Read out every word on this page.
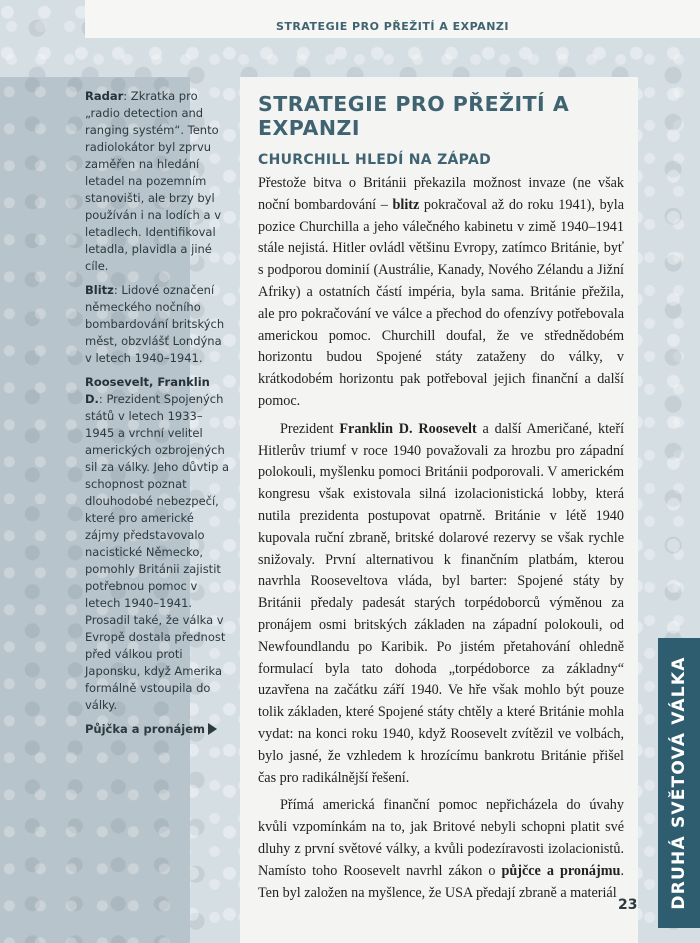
STRATEGIE PRO PŘEŽITÍ A EXPANZI

Radar: Zkratka pro „radio detection and ranging systém“. Tento radiolokátor byl zprvu zaměřen na hledání letadel na pozemním stanovišti, ale brzy byl používán i na lodích a v letadlech. Identifikoval letadla, plavidla a jiné cíle.

Blitz: Lidové označení německého nočního bombardování britských měst, obzvlášť Londýna v letech 1940–1941.

Roosevelt, Franklin D.: Prezident Spojených států v letech 1933–1945 a vrchní velitel amerických ozbrojených sil za války. Jeho důvtip a schopnost poznat dlouhodobé nebezpečí, které pro americké zájmy představovalo nacistické Německo, pomohly Británii zajistit potřebnou pomoc v letech 1940–1941. Prosadil také, že válka v Evropě dostala přednost před válkou proti Japonsku, když Amerika formálně vstoupila do války.

Půjčka a pronájem

STRATEGIE PRO PŘEŽITÍ A EXPANZI
CHURCHILL HLEDÍ NA ZÁPAD

Přestože bitva o Británii překazila možnost invaze (ne však noční bombardování – blitz pokračoval až do roku 1941), byla pozice Churchilla a jeho válečného kabinetu v zimě 1940–1941 stále nejistá. Hitler ovládl většinu Evropy, zatímco Británie, byť s podporou dominií (Austrálie, Kanady, Nového Zélandu a Jižní Afriky) a ostatních částí impéria, byla sama. Británie přežila, ale pro pokračování ve válce a přechod do ofenzívy potřebovala americkou pomoc. Churchill doufal, že ve střednědobém horizontu budou Spojené státy zataženy do války, v krátkodobém horizontu pak potřeboval jejich finanční a další pomoc.

Prezident Franklin D. Roosevelt a další Američané, kteří Hitlerův triumf v roce 1940 považovali za hrozbu pro západní polokouli, myšlenku pomoci Británii podporovali. V americkém kongresu však existovala silná izolacionistická lobby, která nutila prezidenta postupovat opatrně. Británie v létě 1940 kupovala ruční zbraně, britské dolarové rezervy se však rychle snižovaly. První alternativou k finančním platbám, kterou navrhla Rooseveltova vláda, byl barter: Spojené státy by Británii předaly padesát starých torpédoborců výměnou za pronájem osmi britských základen na západní polokouli, od Newfoundlandu po Karibik. Po jistém přetahování ohledně formulací byla tato dohoda „torpédoborce za základny“ uzavřena na začátku září 1940. Ve hře však mohlo být pouze tolik základen, které Spojené státy chtěly a které Británie mohla vydat: na konci roku 1940, když Roosevelt zvítězil ve volbách, bylo jasné, že vzhledem k hrozícímu bankrotu Británie přišel čas pro radikálnější řešení.

Přímá americká finanční pomoc nepřicházela do úvahy kvůli vzpomínkám na to, jak Britové nebyli schopni platit své dluhy z první světové války, a kvůli podezíravosti izolacionistů. Namísto toho Roosevelt navrhl zákon o půjčce a pronájmu. Ten byl založen na myšlence, že USA předají zbraně a materiál	DRUHÁ SVĚTOVÁ VÁLKA
23
